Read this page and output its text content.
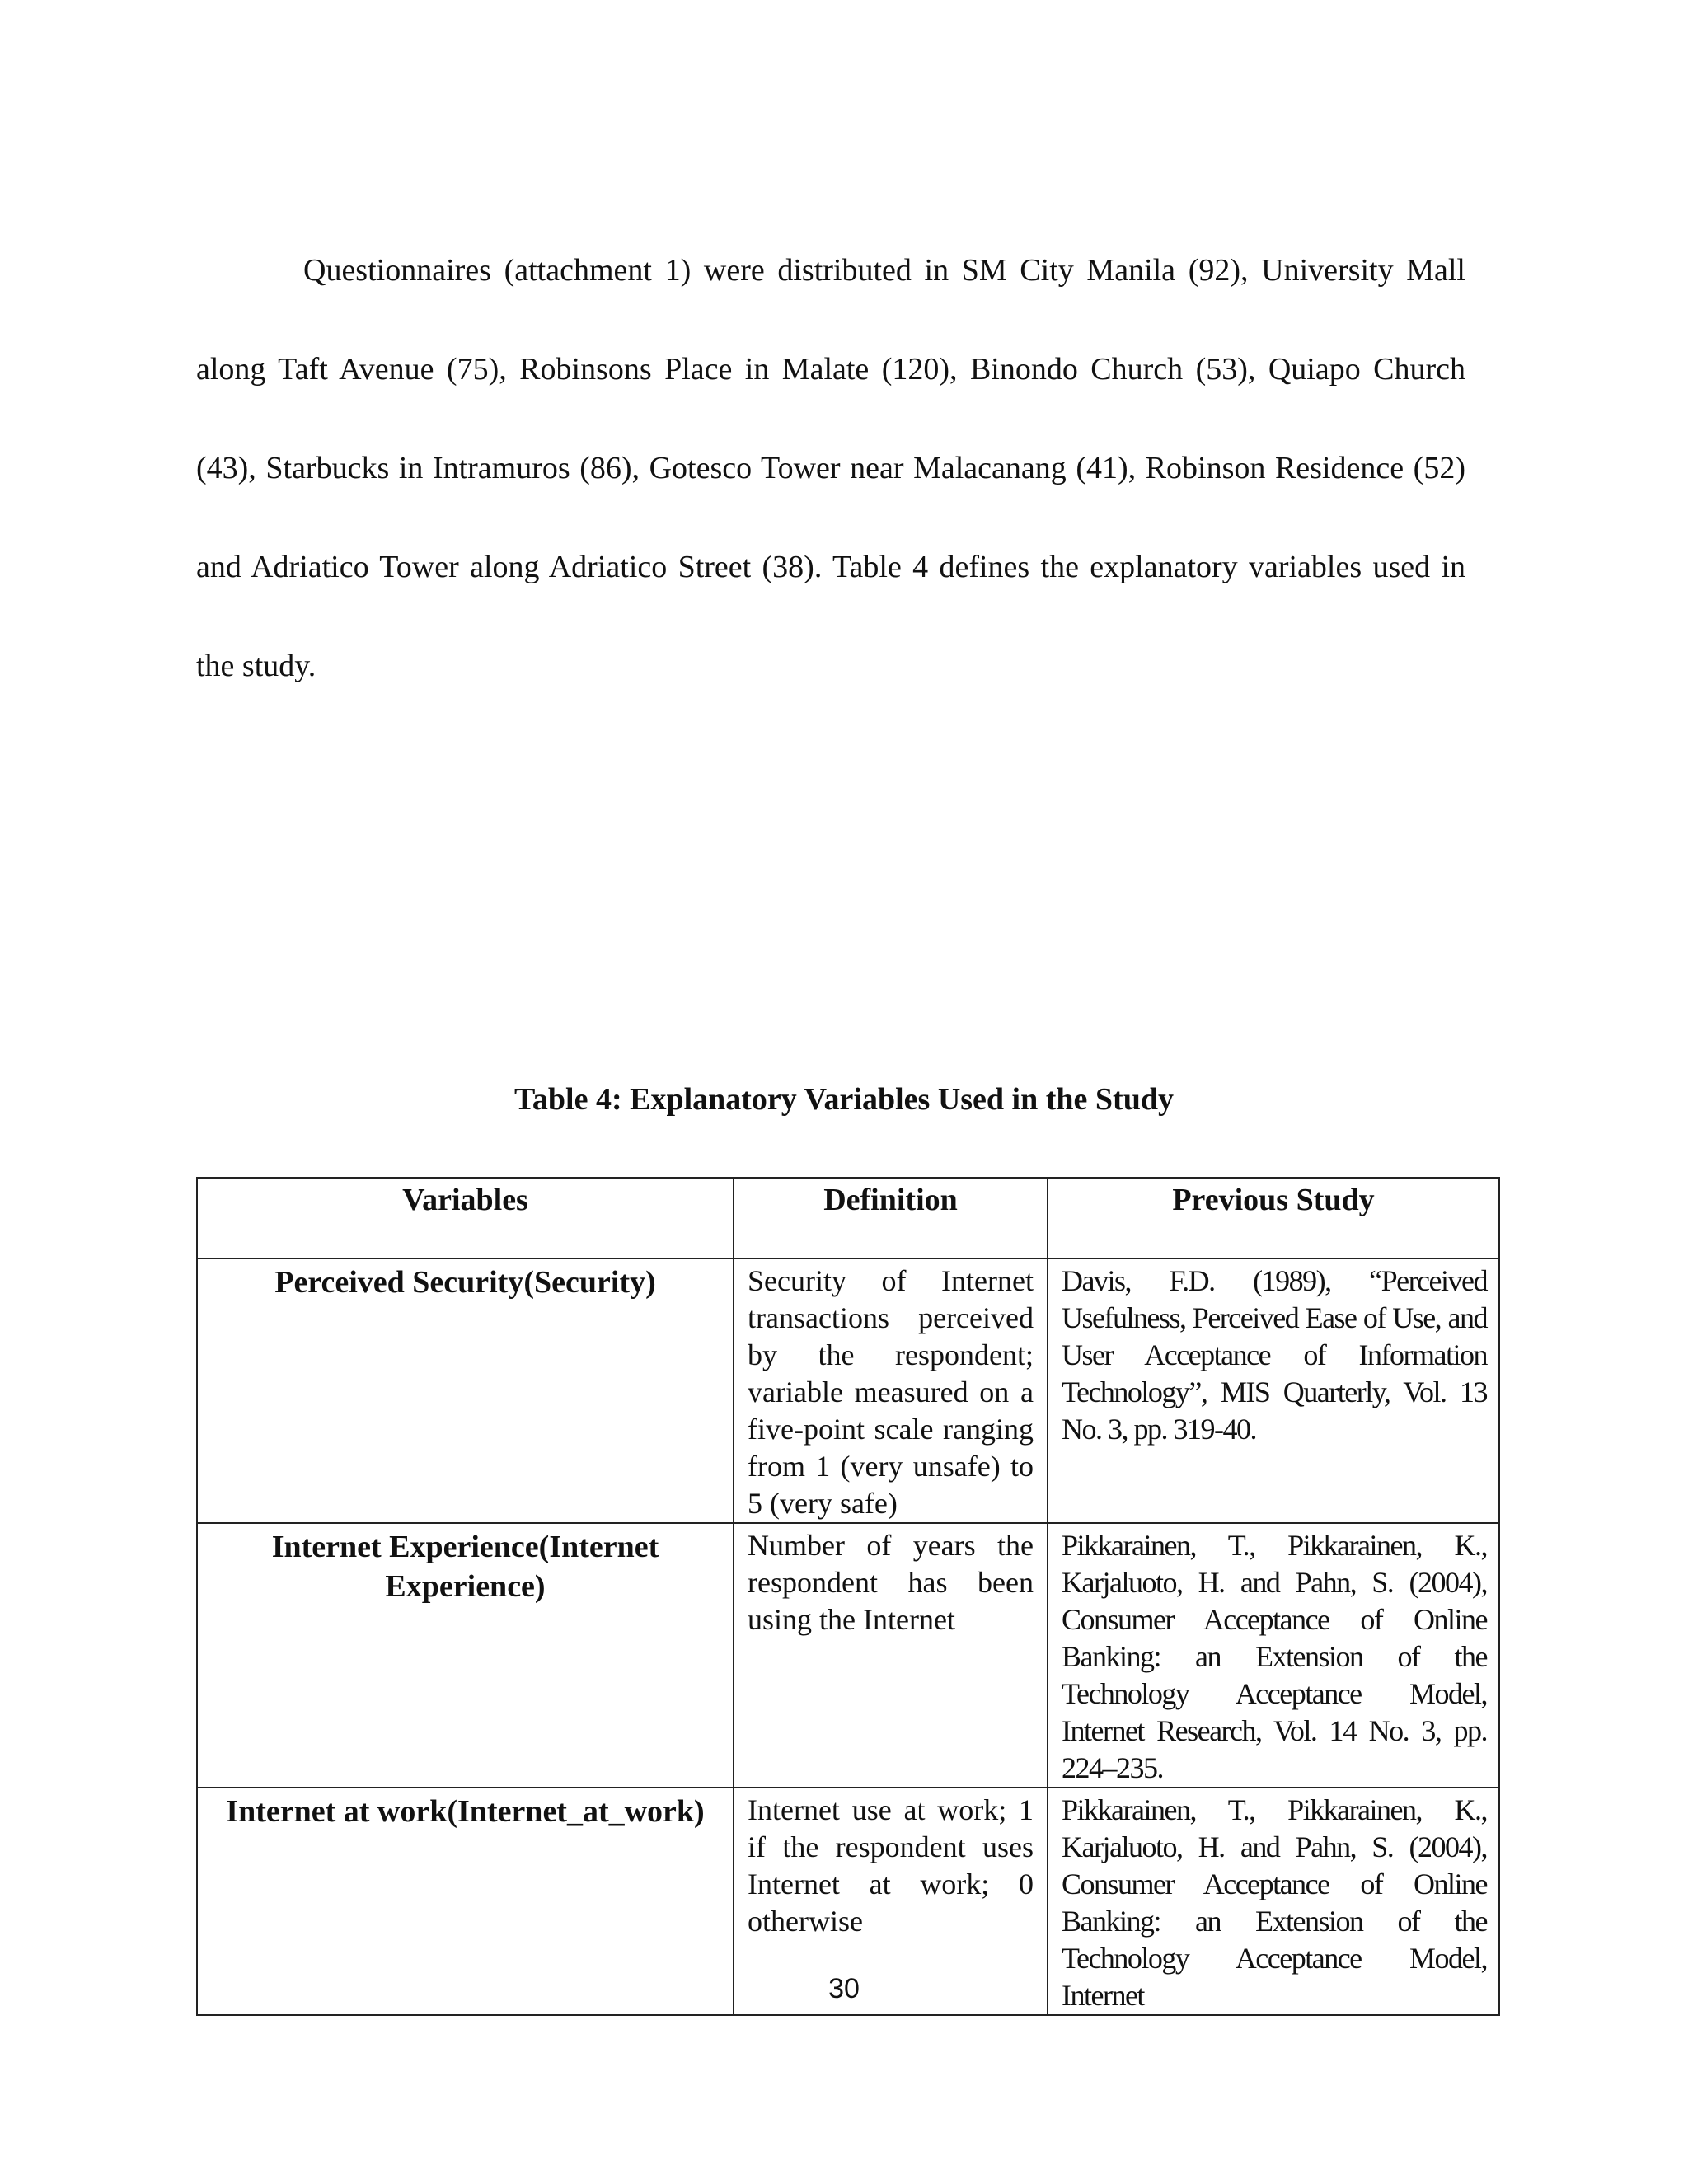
Questionnaires (attachment 1) were distributed in SM City Manila (92), University Mall along Taft Avenue (75), Robinsons Place in Malate (120), Binondo Church (53), Quiapo Church (43), Starbucks in Intramuros (86), Gotesco Tower near Malacanang (41), Robinson Residence (52) and Adriatico Tower along Adriatico Street (38). Table 4 defines the explanatory variables used in the study.

Table 4: Explanatory Variables Used in the Study

Variables	Definition	Previous Study
Perceived Security(Security)	Security of Internet transactions perceived by the respondent; variable measured on a five-point scale ranging from 1 (very unsafe) to 5 (very safe)	Davis, F.D. (1989), “Perceived Usefulness, Perceived Ease of Use, and User Acceptance of Information Technology”, MIS Quarterly, Vol. 13 No. 3, pp. 319-40.
Internet Experience(Internet Experience)	Number of years the respondent has been using the Internet	Pikkarainen, T., Pikkarainen, K., Karjaluoto, H. and Pahn, S. (2004), Consumer Acceptance of Online Banking: an Extension of the Technology Acceptance Model, Internet Research, Vol. 14 No. 3, pp. 224–235.
Internet at work(Internet_at_work)	Internet use at work; 1 if the respondent uses Internet at work; 0 otherwise	Pikkarainen, T., Pikkarainen, K., Karjaluoto, H. and Pahn, S. (2004), Consumer Acceptance of Online Banking: an Extension of the Technology Acceptance Model, Internet

30
